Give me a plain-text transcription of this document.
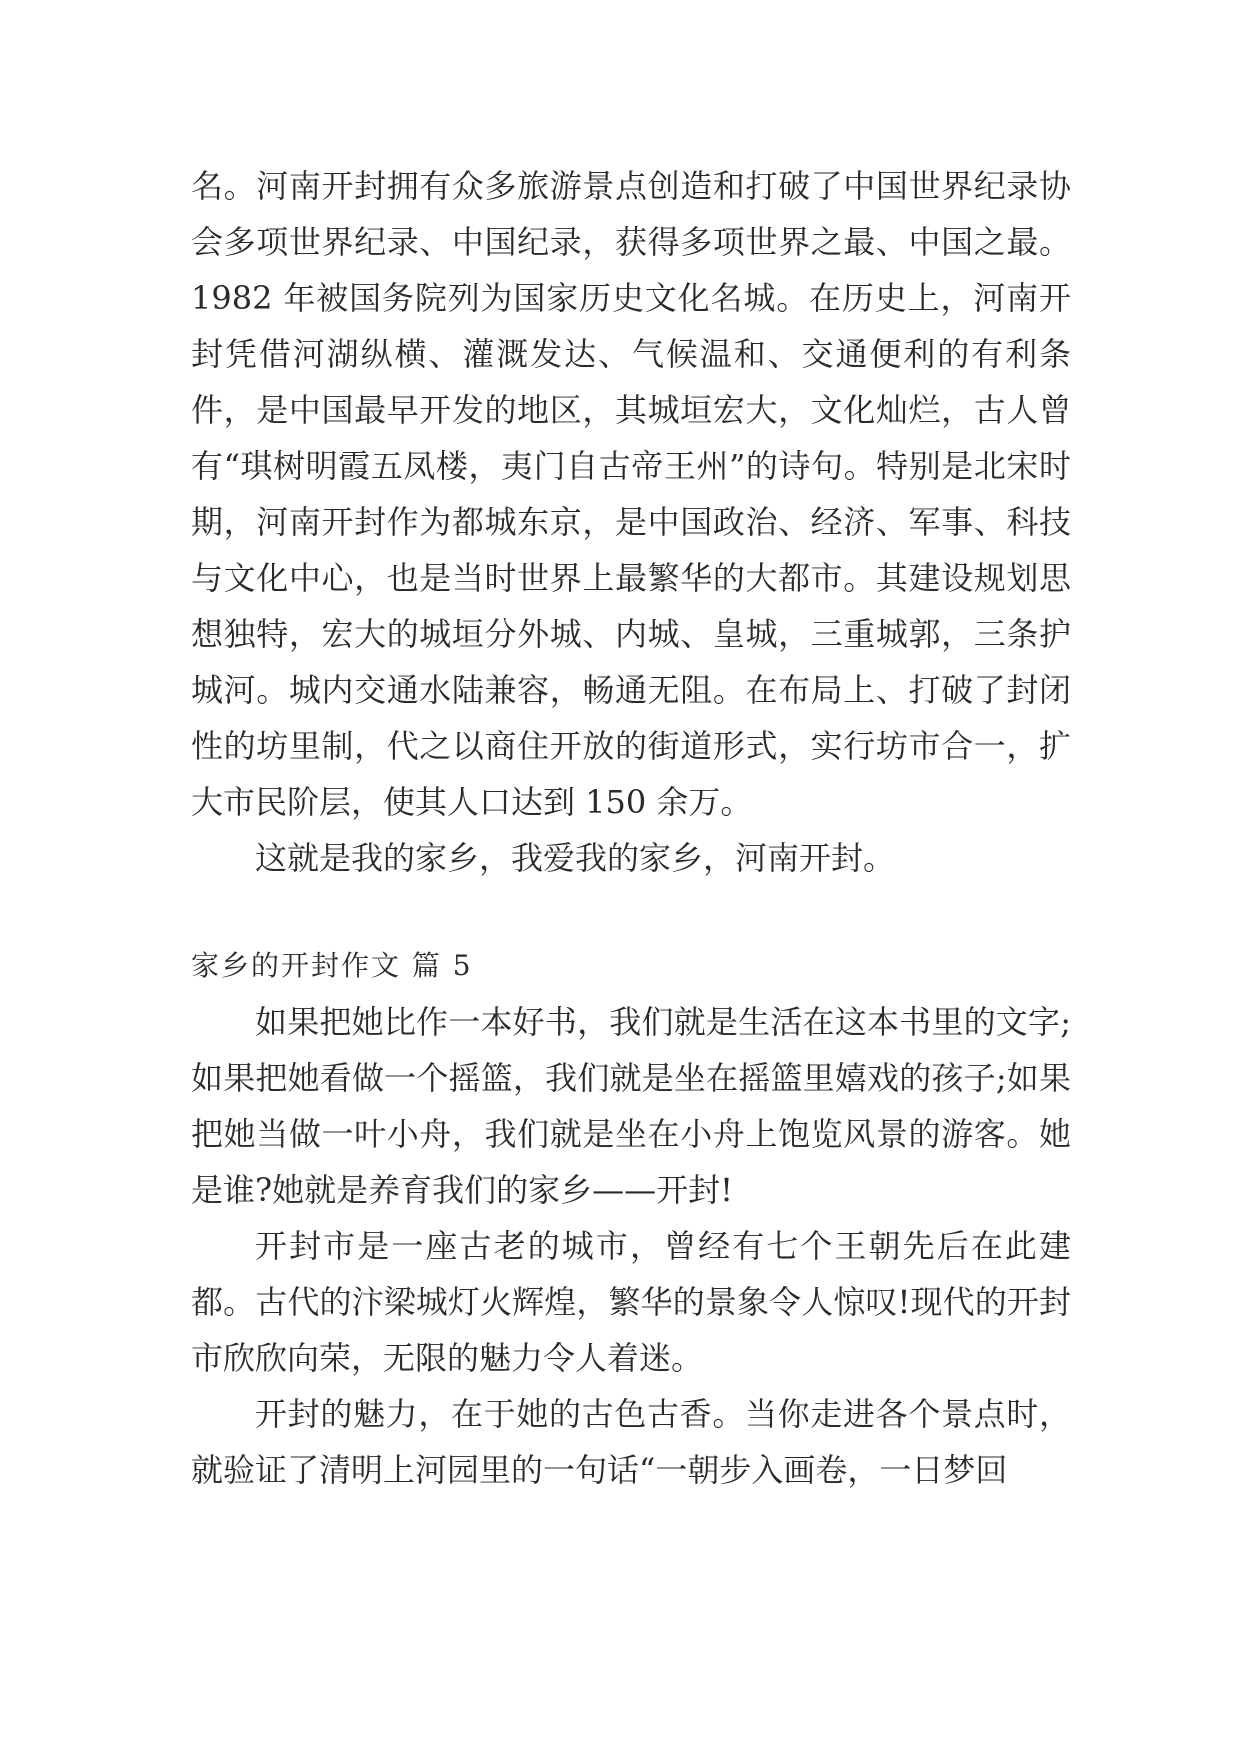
名。河南开封拥有众多旅游景点创造和打破了中国世界纪录协会多项世界纪录、中国纪录，获得多项世界之最、中国之最。1982 年被国务院列为国家历史文化名城。在历史上，河南开封凭借河湖纵横、灌溉发达、气候温和、交通便利的有利条件，是中国最早开发的地区，其城垣宏大，文化灿烂，古人曾有“琪树明霞五凤楼，夷门自古帝王州”的诗句。特别是北宋时期，河南开封作为都城东京，是中国政治、经济、军事、科技与文化中心，也是当时世界上最繁华的大都市。其建设规划思想独特，宏大的城垣分外城、内城、皇城，三重城郭，三条护城河。城内交通水陆兼容，畅通无阻。在布局上、打破了封闭性的坊里制，代之以商住开放的街道形式，实行坊市合一，扩大市民阶层，使其人口达到 150 余万。

这就是我的家乡，我爱我的家乡，河南开封。

家乡的开封作文 篇 5

如果把她比作一本好书，我们就是生活在这本书里的文字;如果把她看做一个摇篮，我们就是坐在摇篮里嬉戏的孩子;如果把她当做一叶小舟，我们就是坐在小舟上饱览风景的游客。她是谁?她就是养育我们的家乡——开封!

开封市是一座古老的城市，曾经有七个王朝先后在此建都。古代的汴梁城灯火辉煌，繁华的景象令人惊叹!现代的开封市欣欣向荣，无限的魅力令人着迷。

开封的魅力，在于她的古色古香。当你走进各个景点时，就验证了清明上河园里的一句话“一朝步入画卷，一日梦回
